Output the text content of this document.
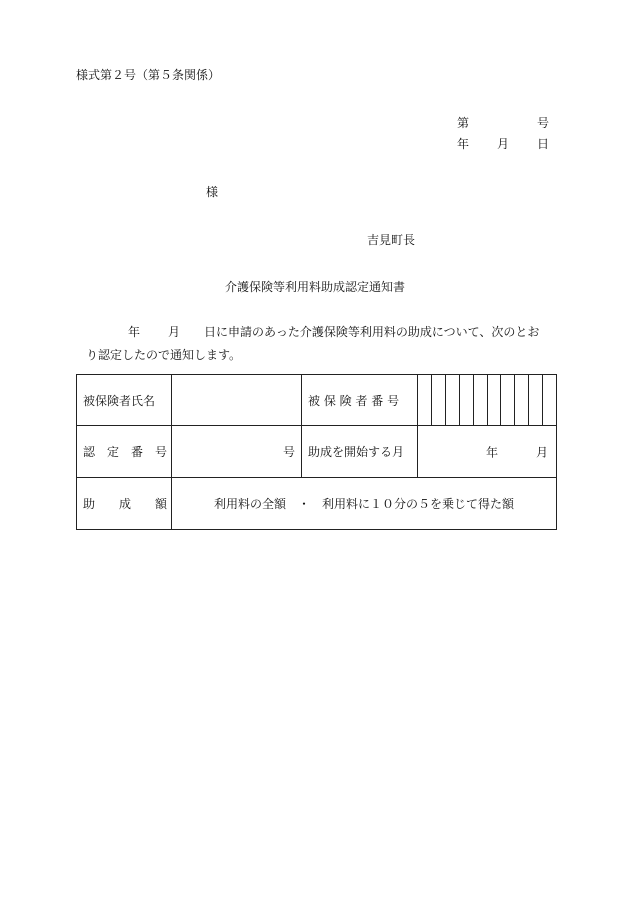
様式第２号（第５条関係）
第	号
年 月 日
様
吉見町長
介護保険等利用料助成認定通知書
年 月 日に申請のあった介護保険等利用料の助成について、次のとお
り認定したので通知します。
被保険者氏名		被 保 険 者 番 号	

認　定　番　号	号	助成を開始する月	年 月

助　　成　　額	利用料の全額　・　利用料に１０分の５を乗じて得た額		
